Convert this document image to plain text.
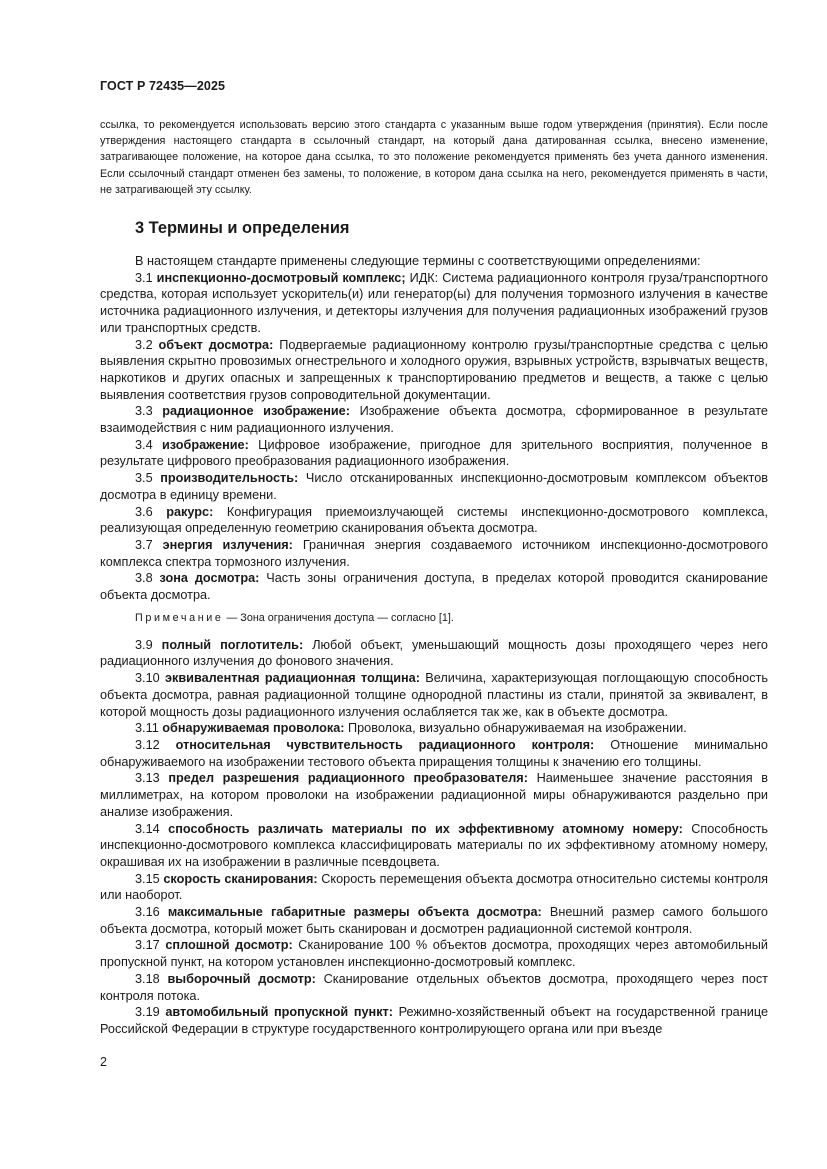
ГОСТ Р 72435—2025

ссылка, то рекомендуется использовать версию этого стандарта с указанным выше годом утверждения (принятия). Если после утверждения настоящего стандарта в ссылочный стандарт, на который дана датированная ссылка, внесено изменение, затрагивающее положение, на которое дана ссылка, то это положение рекомендуется применять без учета данного изменения. Если ссылочный стандарт отменен без замены, то положение, в котором дана ссылка на него, рекомендуется применять в части, не затрагивающей эту ссылку.

3 Термины и определения

В настоящем стандарте применены следующие термины с соответствующими определениями:

3.1 инспекционно-досмотровый комплекс; ИДК: Система радиационного контроля груза/транспортного средства, которая использует ускоритель(и) или генератор(ы) для получения тормозного излучения в качестве источника радиационного излучения, и детекторы излучения для получения радиационных изображений грузов или транспортных средств.

3.2 объект досмотра: Подвергаемые радиационному контролю грузы/транспортные средства с целью выявления скрытно провозимых огнестрельного и холодного оружия, взрывных устройств, взрывчатых веществ, наркотиков и других опасных и запрещенных к транспортированию предметов и веществ, а также с целью выявления соответствия грузов сопроводительной документации.

3.3 радиационное изображение: Изображение объекта досмотра, сформированное в результате взаимодействия с ним радиационного излучения.

3.4 изображение: Цифровое изображение, пригодное для зрительного восприятия, полученное в результате цифрового преобразования радиационного изображения.

3.5 производительность: Число отсканированных инспекционно-досмотровым комплексом объектов досмотра в единицу времени.

3.6 ракурс: Конфигурация приемоизлучающей системы инспекционно-досмотрового комплекса, реализующая определенную геометрию сканирования объекта досмотра.

3.7 энергия излучения: Граничная энергия создаваемого источником инспекционно-досмотрового комплекса спектра тормозного излучения.

3.8 зона досмотра: Часть зоны ограничения доступа, в пределах которой проводится сканирование объекта досмотра.

Примечание — Зона ограничения доступа — согласно [1].

3.9 полный поглотитель: Любой объект, уменьшающий мощность дозы проходящего через него радиационного излучения до фонового значения.

3.10 эквивалентная радиационная толщина: Величина, характеризующая поглощающую способность объекта досмотра, равная радиационной толщине однородной пластины из стали, принятой за эквивалент, в которой мощность дозы радиационного излучения ослабляется так же, как в объекте досмотра.

3.11 обнаруживаемая проволока: Проволока, визуально обнаруживаемая на изображении.

3.12 относительная чувствительность радиационного контроля: Отношение минимально обнаруживаемого на изображении тестового объекта приращения толщины к значению его толщины.

3.13 предел разрешения радиационного преобразователя: Наименьшее значение расстояния в миллиметрах, на котором проволоки на изображении радиационной миры обнаруживаются раздельно при анализе изображения.

3.14 способность различать материалы по их эффективному атомному номеру: Способность инспекционно-досмотрового комплекса классифицировать материалы по их эффективному атомному номеру, окрашивая их на изображении в различные псевдоцвета.

3.15 скорость сканирования: Скорость перемещения объекта досмотра относительно системы контроля или наоборот.

3.16 максимальные габаритные размеры объекта досмотра: Внешний размер самого большого объекта досмотра, который может быть сканирован и досмотрен радиационной системой контроля.

3.17 сплошной досмотр: Сканирование 100 % объектов досмотра, проходящих через автомобильный пропускной пункт, на котором установлен инспекционно-досмотровый комплекс.

3.18 выборочный досмотр: Сканирование отдельных объектов досмотра, проходящего через пост контроля потока.

3.19 автомобильный пропускной пункт: Режимно-хозяйственный объект на государственной границе Российской Федерации в структуре государственного контролирующего органа или при въезде

2
